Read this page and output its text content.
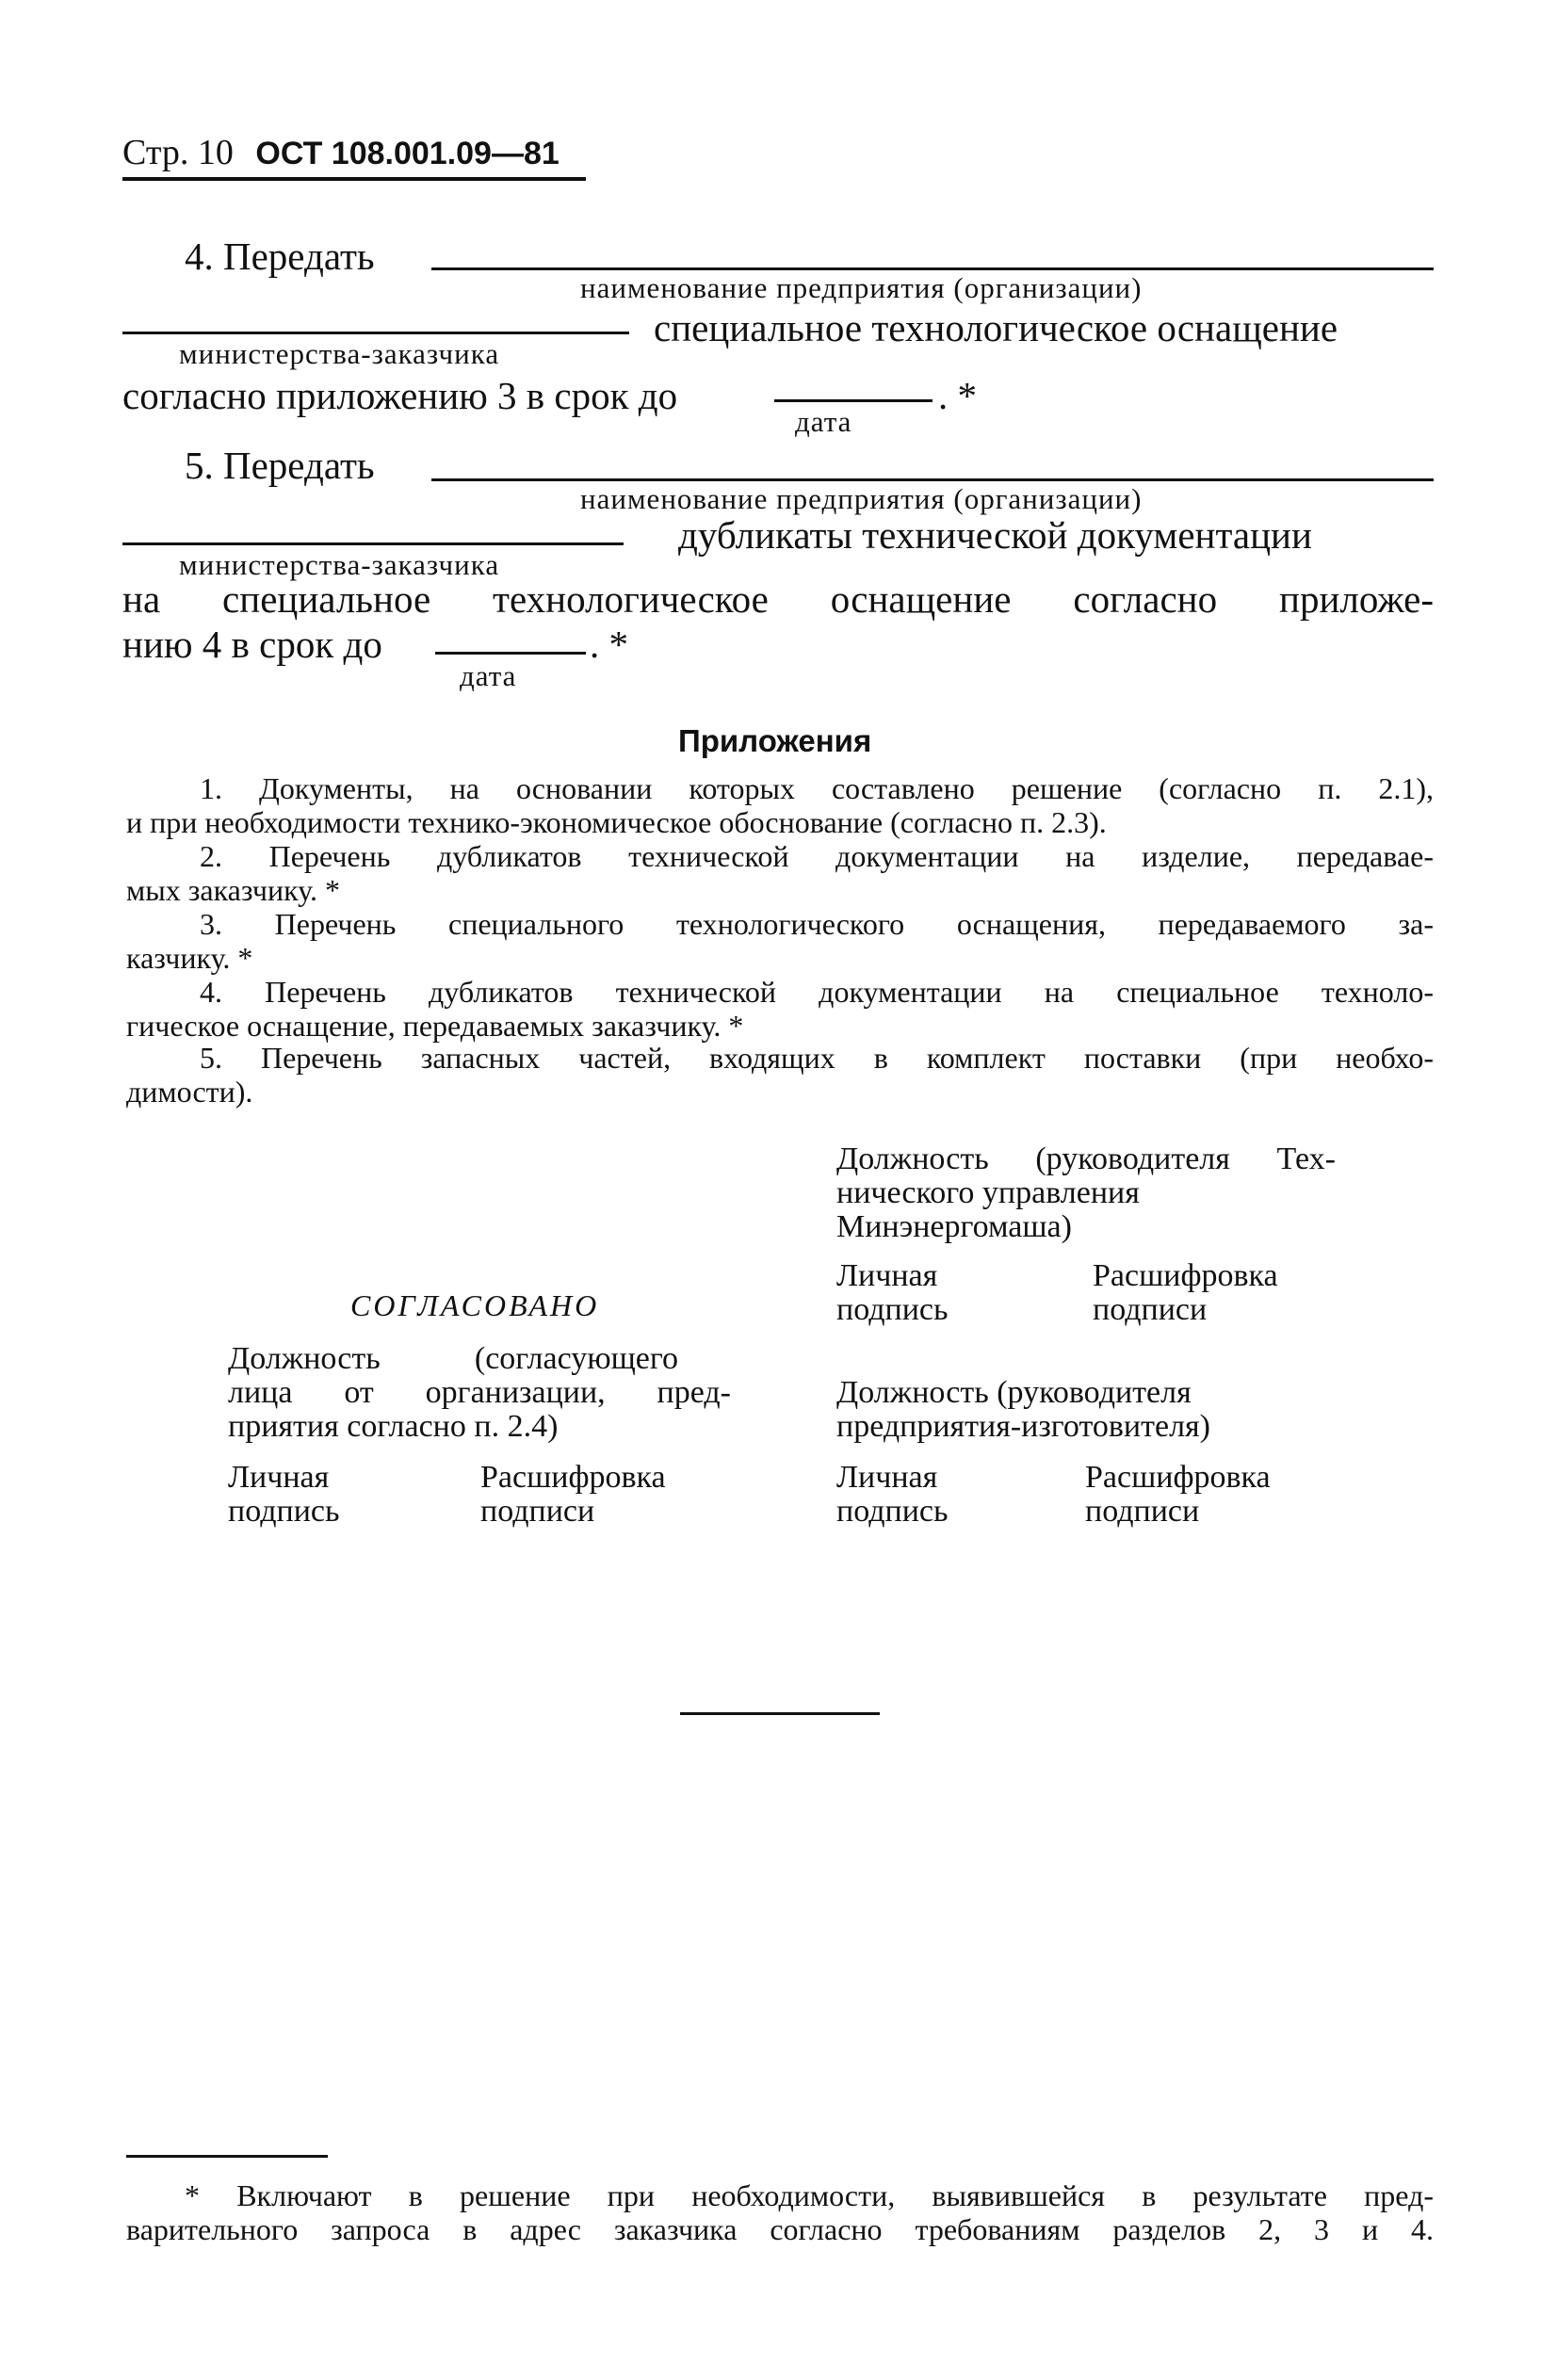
Стр. 10 ОСТ 108.001.09—81
4. Передать
наименование предприятия (организации)
специальное технологическое оснащение
министерства-заказчика
согласно приложению 3 в срок до	. *
дата
5. Передать
наименование предприятия (организации)
дубликаты технической документации
министерства-заказчика
на специальное технологическое оснащение согласно приложе-
нию 4 в срок до	. *
дата
Приложения
1. Документы, на основании которых составлено решение (согласно п. 2.1),
и при необходимости технико-экономическое обоснование (согласно п. 2.3).
2. Перечень дубликатов технической документации на изделие, передавае-
мых заказчику. *
3. Перечень специального технологического оснащения, передаваемого за-
казчику. *
4. Перечень дубликатов технической документации на специальное техноло-
гическое оснащение, передаваемых заказчику. *
5. Перечень запасных частей, входящих в комплект поставки (при необхо-
димости).
Должность (руководителя Тех-
нического управления
Минэнергомаша)
Личная
подпись
Расшифровка
подписи
СОГЛАСОВАНО
Должность (согласующего
лица от организации, пред-
приятия согласно п. 2.4)
Личная
подпись
Расшифровка
подписи
Должность (руководителя
предприятия-изготовителя)
Личная
подпись
Расшифровка
подписи
* Включают в решение при необходимости, выявившейся в результате пред-
варительного запроса в адрес заказчика согласно требованиям разделов 2, 3 и 4.
